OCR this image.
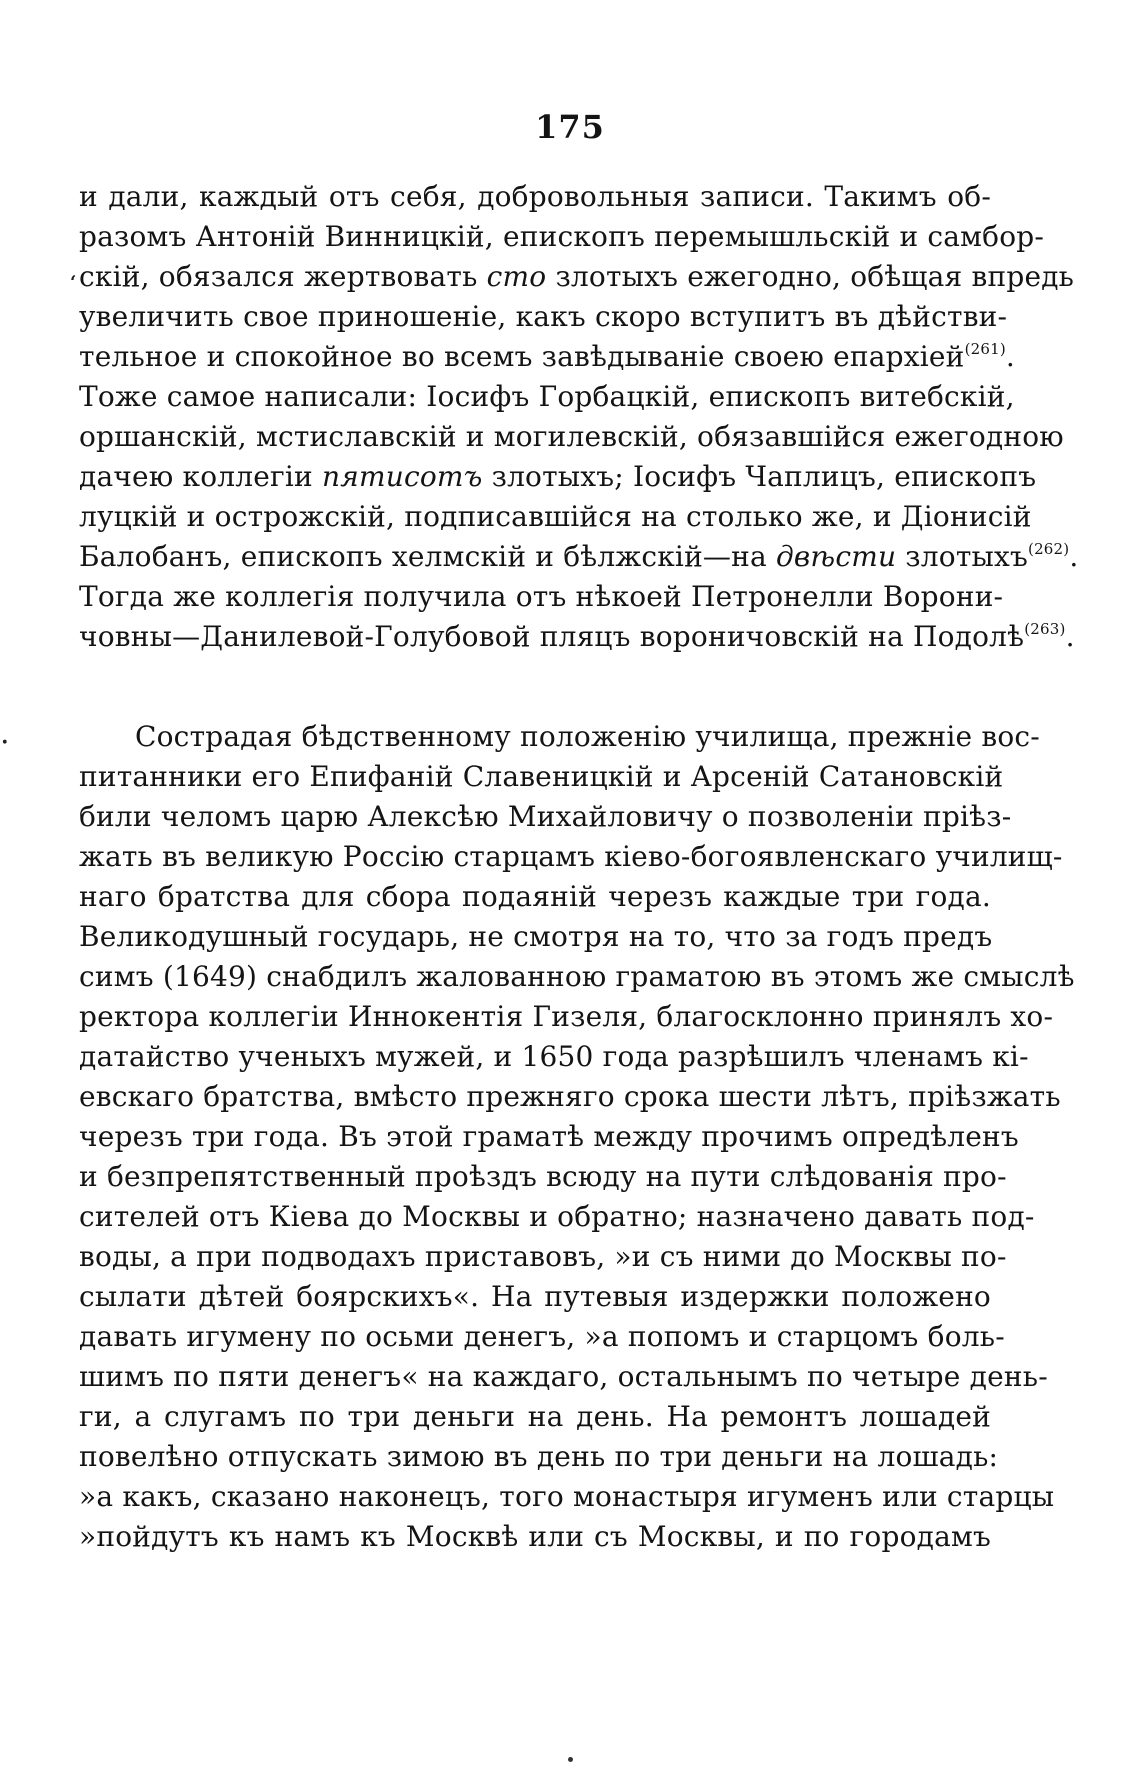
175
ʻ
ꞏ
и дали, каждый отъ себя, добровольныя записи. Такимъ об-
разомъ Антоній Винницкій, епископъ перемышльскій и самбор-
скій, обязался жертвовать сто злотыхъ ежегодно, обѣщая впредь
увеличить свое приношеніе, какъ скоро вступитъ въ дѣйстви-
тельное и спокойное во всемъ завѣдываніе своею епархіей$^{(261)}$.
Тоже самое написали: Іосифъ Горбацкій, епископъ витебскій,
оршанскій, мстиславскій и могилевскій, обязавшійся ежегодною
дачею коллегіи пятисотъ злотыхъ; Іосифъ Чаплицъ, епископъ
луцкій и острожскій, подписавшійся на столько же, и Діонисій
Балобанъ, епископъ хелмскій и бѣлжскій—на двѣсти злотыхъ$^{(262)}$.
Тогда же коллегія получила отъ нѣкоей Петронелли Ворони-
човны—Данилевой-Голубовой пляцъ вороничовскій на Подолѣ$^{(263)}$.
Сострадая бѣдственному положенію училища, прежніе вос-
питанники его Епифаній Славеницкій и Арсеній Сатановскій
били челомъ царю Алексѣю Михайловичу о позволеніи пріѣз-
жать въ великую Россію старцамъ кіево-богоявленскаго училищ-
наго братства для сбора подаяній черезъ каждые три года.
Великодушный государь, не смотря на то, что за годъ предъ
симъ (1649) снабдилъ жалованною граматою въ этомъ же смыслѣ
ректора коллегіи Иннокентія Гизеля, благосклонно принялъ хо-
датайство ученыхъ мужей, и 1650 года разрѣшилъ членамъ кі-
евскаго братства, вмѣсто прежняго срока шести лѣтъ, пріѣзжать
черезъ три года. Въ этой граматѣ между прочимъ опредѣленъ
и безпрепятственный проѣздъ всюду на пути слѣдованія про-
сителей отъ Кіева до Москвы и обратно; назначено давать под-
воды, а при подводахъ приставовъ, »и съ ними до Москвы по-
сылати дѣтей боярскихъ«. На путевыя издержки положено
давать игумену по осьми денегъ, »а попомъ и старцомъ боль-
шимъ по пяти денегъ« на каждаго, остальнымъ по четыре день-
ги, а слугамъ по три деньги на день. На ремонтъ лошадей
повелѣно отпускать зимою въ день по три деньги на лошадь:
»а какъ, сказано наконецъ, того монастыря игуменъ или старцы
»пойдутъ къ намъ къ Москвѣ или съ Москвы, и по городамъ
